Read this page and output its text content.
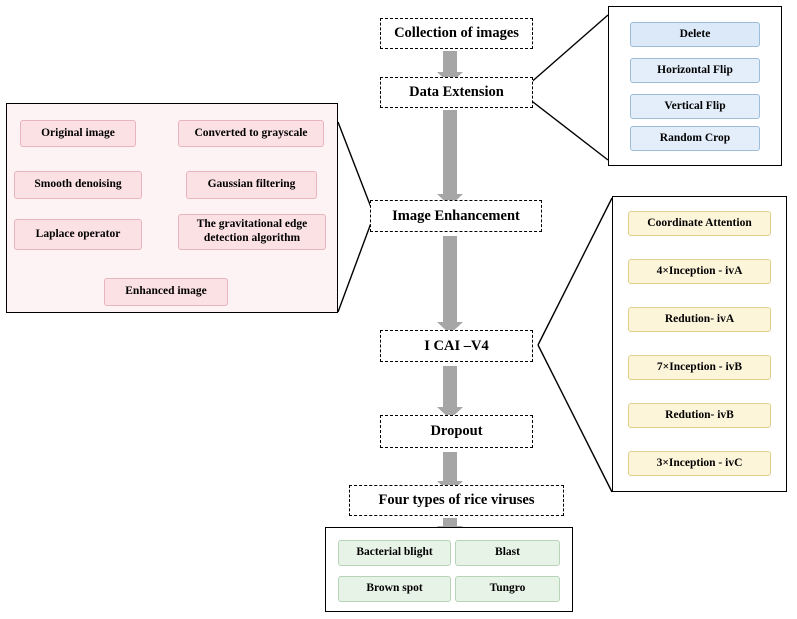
Collection of images
Data Extension
Image Enhancement
I CAI –V4
Dropout
Four types of rice viruses
Delete
Horizontal Flip
Vertical Flip
Random Crop
Original image	Converted to grayscale
Smooth denoising	Gaussian filtering
Laplace operator
The gravitational edge detection algorithm
Enhanced image
Coordinate Attention
4×Inception - ivA
Redution- ivA
7×Inception - ivB
Redution- ivB
3×Inception - ivC
Bacterial blight	Blast
Brown spot	Tungro
